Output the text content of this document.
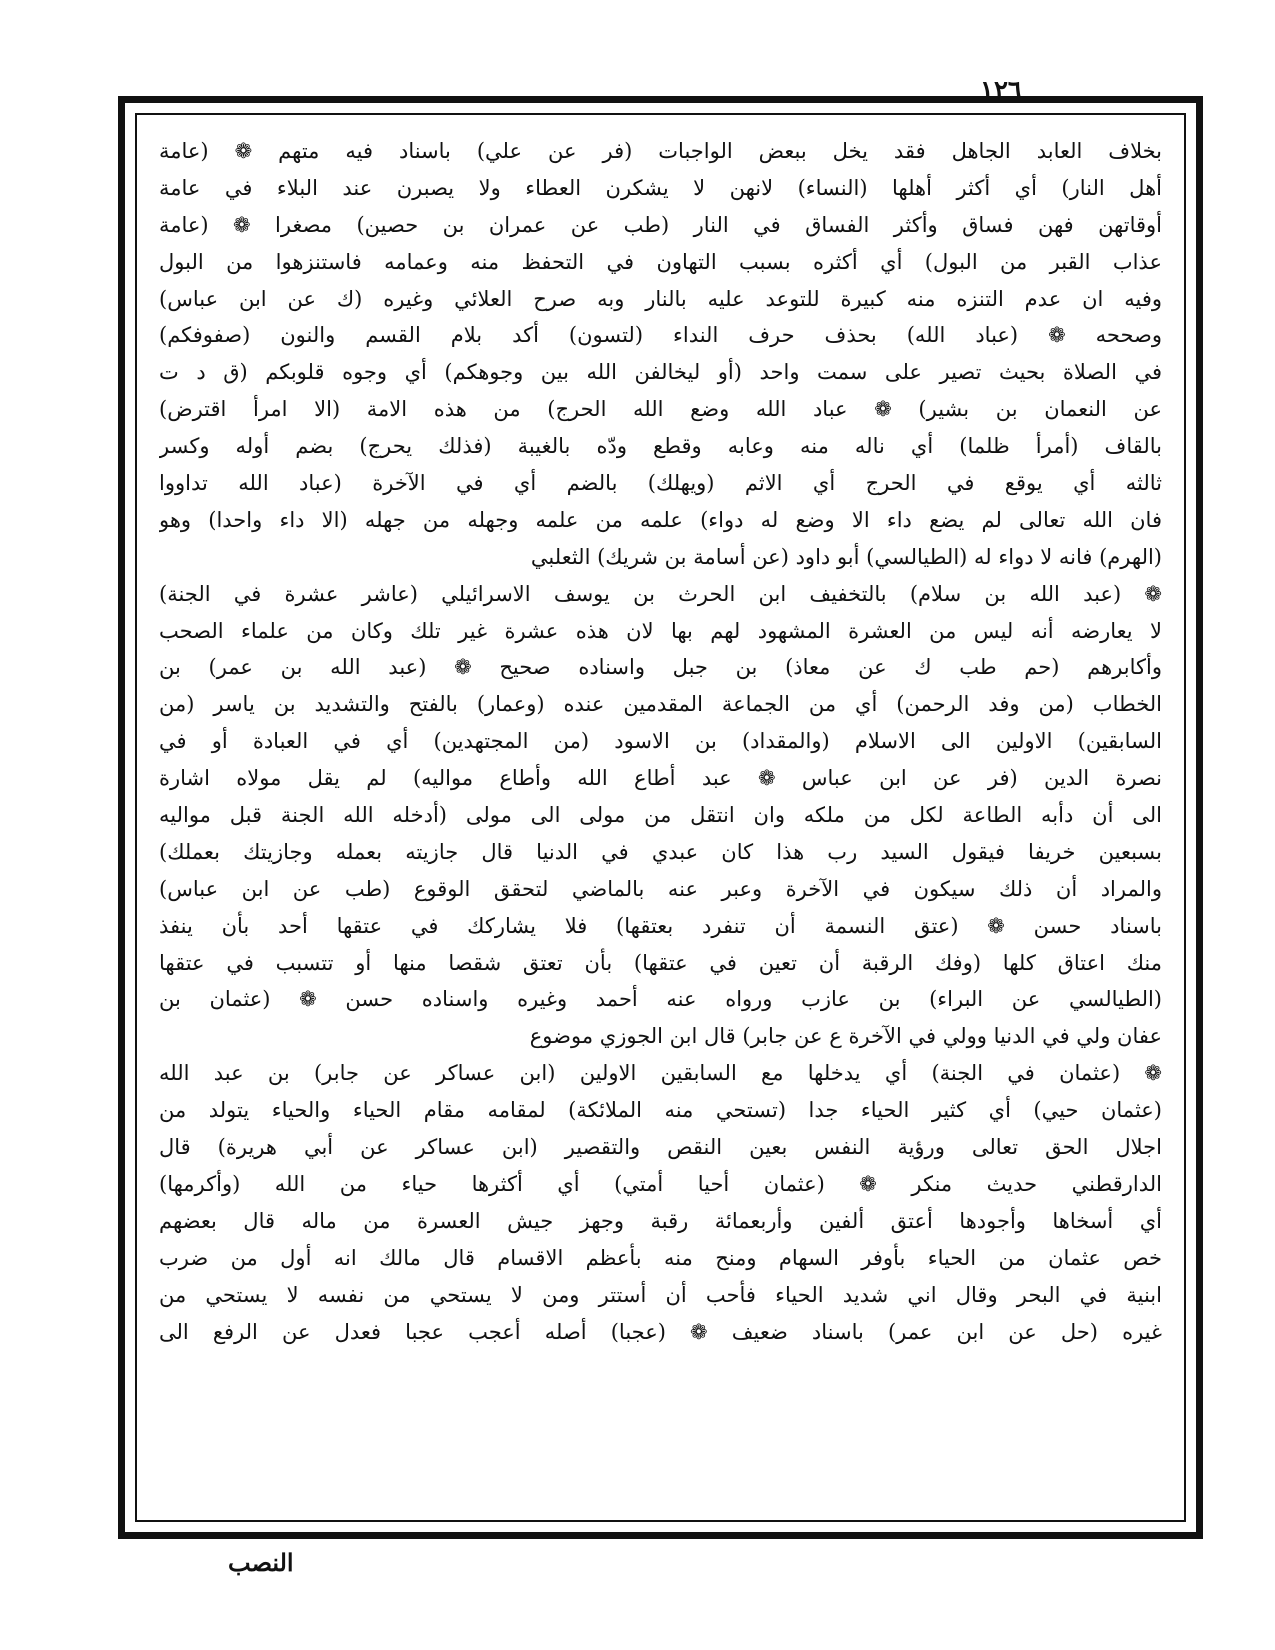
١٢٦
بخلاف العابد الجاهل فقد يخل ببعض الواجبات (فر عن علي) باسناد فيه متهم ❁ (عامة
أهل النار) أي أكثر أهلها (النساء) لانهن لا يشكرن العطاء ولا يصبرن عند البلاء في عامة
أوقاتهن فهن فساق وأكثر الفساق في النار (طب عن عمران بن حصين) مصغرا ❁ (عامة
عذاب القبر من البول) أي أكثره بسبب التهاون في التحفظ منه وعمامه فاستنزهوا من البول
وفيه ان عدم التنزه منه كبيرة للتوعد عليه بالنار وبه صرح العلائي وغيره (ك عن ابن عباس)
وصححه ❁ (عباد الله) بحذف حرف النداء (لتسون) أكد بلام القسم والنون (صفوفكم)
في الصلاة بحيث تصير على سمت واحد (أو ليخالفن الله بين وجوهكم) أي وجوه قلوبكم (ق د ت
عن النعمان بن بشير) ❁ عباد الله وضع الله الحرج) من هذه الامة (الا امرأ اقترض)
بالقاف (أمرأ ظلما) أي ناله منه وعابه وقطع ودّه بالغيبة (فذلك يحرج) بضم أوله وكسر
ثالثه أي يوقع في الحرج أي الاثم (ويهلك) بالضم أي في الآخرة (عباد الله تداووا
فان الله تعالى لم يضع داء الا وضع له دواء) علمه من علمه وجهله من جهله (الا داء واحدا) وهو
(الهرم) فانه لا دواء له (الطيالسي) أبو داود (عن أسامة بن شريك) الثعلبي
❁ (عبد الله بن سلام) بالتخفيف ابن الحرث بن يوسف الاسرائيلي (عاشر عشرة في الجنة)
لا يعارضه أنه ليس من العشرة المشهود لهم بها لان هذه عشرة غير تلك وكان من علماء الصحب
وأكابرهم (حم طب ك عن معاذ) بن جبل واسناده صحيح ❁ (عبد الله بن عمر) بن
الخطاب (من وفد الرحمن) أي من الجماعة المقدمين عنده (وعمار) بالفتح والتشديد بن ياسر (من
السابقين) الاولين الى الاسلام (والمقداد) بن الاسود (من المجتهدين) أي في العبادة أو في
نصرة الدين (فر عن ابن عباس ❁ عبد أطاع الله وأطاع مواليه) لم يقل مولاه اشارة
الى أن دأبه الطاعة لكل من ملكه وان انتقل من مولى الى مولى (أدخله الله الجنة قبل مواليه
بسبعين خريفا فيقول السيد رب هذا كان عبدي في الدنيا قال جازيته بعمله وجازيتك بعملك)
والمراد أن ذلك سيكون في الآخرة وعبر عنه بالماضي لتحقق الوقوع (طب عن ابن عباس)
باسناد حسن ❁ (عتق النسمة أن تنفرد بعتقها) فلا يشاركك في عتقها أحد بأن ينفذ
منك اعتاق كلها (وفك الرقبة أن تعين في عتقها) بأن تعتق شقصا منها أو تتسبب في عتقها
(الطيالسي عن البراء) بن عازب ورواه عنه أحمد وغيره واسناده حسن ❁ (عثمان بن
عفان ولي في الدنيا وولي في الآخرة ع عن جابر) قال ابن الجوزي موضوع
❁ (عثمان في الجنة) أي يدخلها مع السابقين الاولين (ابن عساكر عن جابر) بن عبد الله
(عثمان حيي) أي كثير الحياء جدا (تستحي منه الملائكة) لمقامه مقام الحياء والحياء يتولد من
اجلال الحق تعالى ورؤية النفس بعين النقص والتقصير (ابن عساكر عن أبي هريرة) قال
الدارقطني حديث منكر ❁ (عثمان أحيا أمتي) أي أكثرها حياء من الله (وأكرمها)
أي أسخاها وأجودها أعتق ألفين وأربعمائة رقبة وجهز جيش العسرة من ماله قال بعضهم
خص عثمان من الحياء بأوفر السهام ومنح منه بأعظم الاقسام قال مالك انه أول من ضرب
ابنية في البحر وقال اني شديد الحياء فأحب أن أستتر ومن لا يستحي من نفسه لا يستحي من
غيره (حل عن ابن عمر) باسناد ضعيف ❁ (عجبا) أصله أعجب عجبا فعدل عن الرفع الى
النصب
